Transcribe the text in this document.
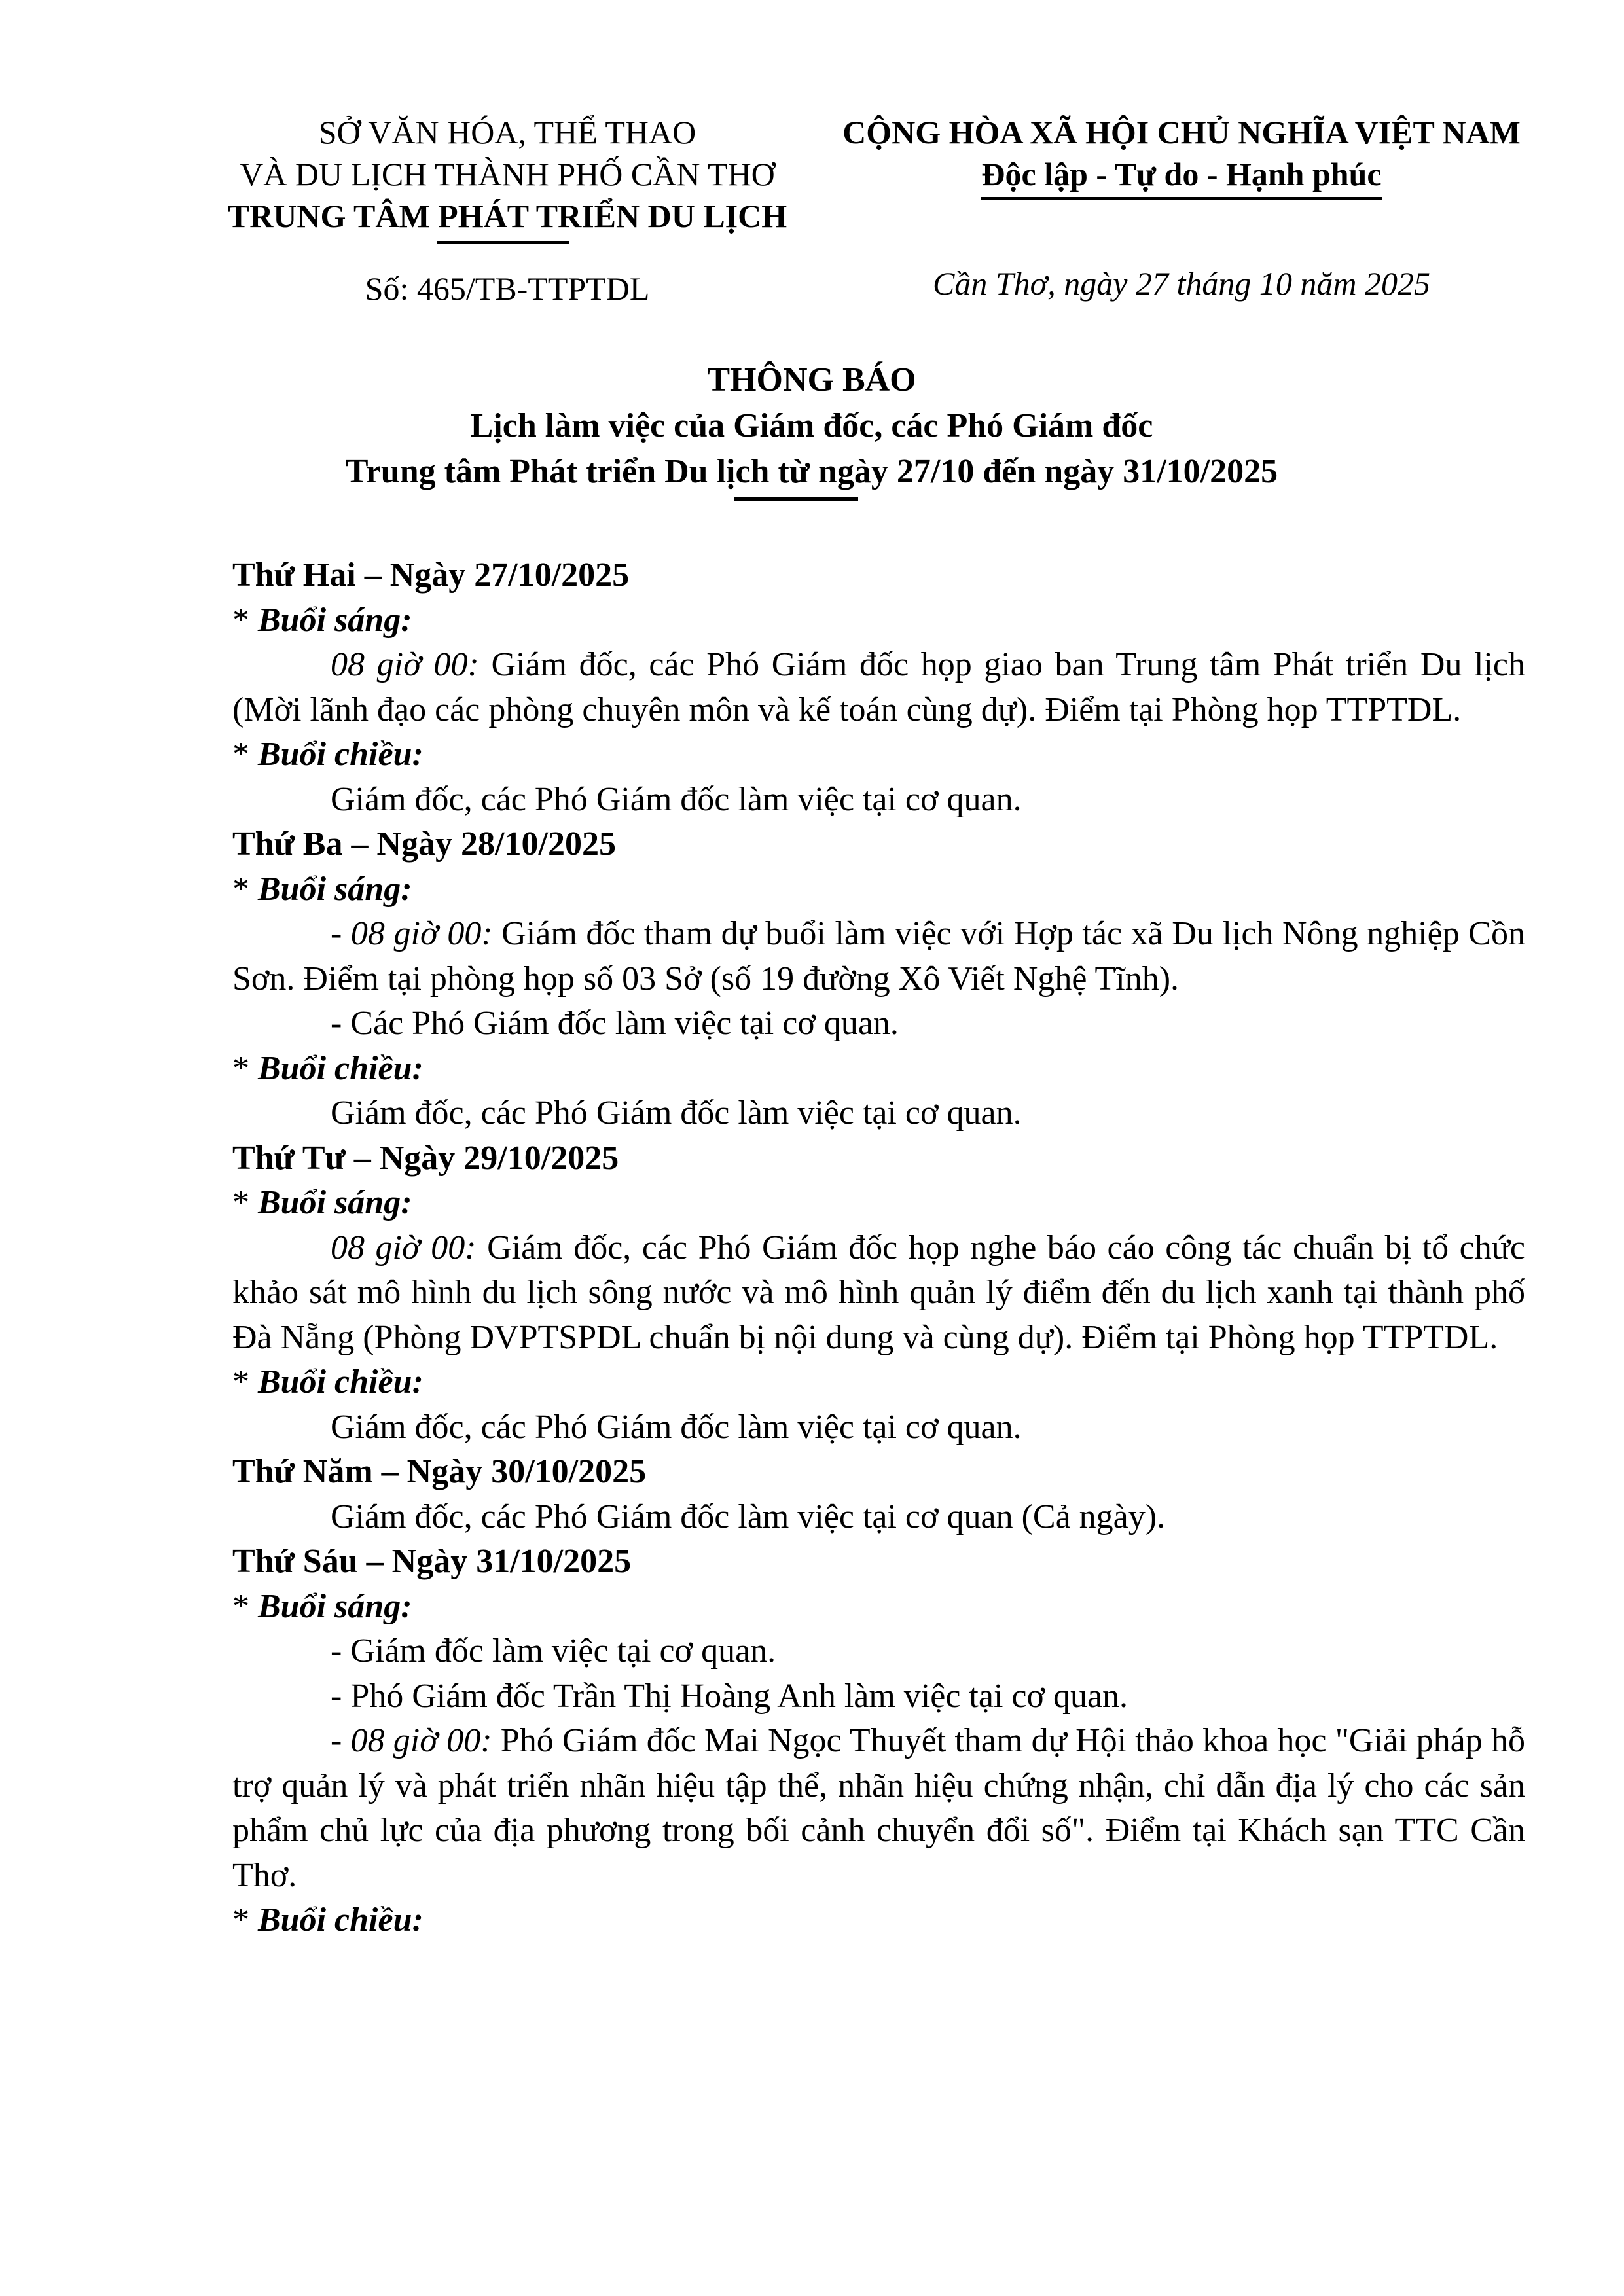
SỞ VĂN HÓA, THỂ THAO
VÀ DU LỊCH THÀNH PHỐ CẦN THƠ
TRUNG TÂM PHÁT TRIỂN DU LỊCH
CỘNG HÒA XÃ HỘI CHỦ NGHĨA VIỆT NAM
Độc lập - Tự do - Hạnh phúc
Số: 465/TB-TTPTDL	Cần Thơ, ngày 27 tháng 10 năm 2025
THÔNG BÁO
Lịch làm việc của Giám đốc, các Phó Giám đốc
Trung tâm Phát triển Du lịch từ ngày 27/10 đến ngày 31/10/2025

Thứ Hai – Ngày 27/10/2025

* Buổi sáng:

08 giờ 00: Giám đốc, các Phó Giám đốc họp giao ban Trung tâm Phát triển Du lịch (Mời lãnh đạo các phòng chuyên môn và kế toán cùng dự). Điểm tại Phòng họp TTPTDL.

* Buổi chiều:

Giám đốc, các Phó Giám đốc làm việc tại cơ quan.

Thứ Ba – Ngày 28/10/2025

* Buổi sáng:

- 08 giờ 00: Giám đốc tham dự buổi làm việc với Hợp tác xã Du lịch Nông nghiệp Cồn Sơn. Điểm tại phòng họp số 03 Sở (số 19 đường Xô Viết Nghệ Tĩnh).

- Các Phó Giám đốc làm việc tại cơ quan.

* Buổi chiều:

Giám đốc, các Phó Giám đốc làm việc tại cơ quan.

Thứ Tư – Ngày 29/10/2025

* Buổi sáng:

08 giờ 00: Giám đốc, các Phó Giám đốc họp nghe báo cáo công tác chuẩn bị tổ chức khảo sát mô hình du lịch sông nước và mô hình quản lý điểm đến du lịch xanh tại thành phố Đà Nẵng (Phòng DVPTSPDL chuẩn bị nội dung và cùng dự). Điểm tại Phòng họp TTPTDL.

* Buổi chiều:

Giám đốc, các Phó Giám đốc làm việc tại cơ quan.

Thứ Năm – Ngày 30/10/2025

Giám đốc, các Phó Giám đốc làm việc tại cơ quan (Cả ngày).

Thứ Sáu – Ngày 31/10/2025

* Buổi sáng:

- Giám đốc làm việc tại cơ quan.

- Phó Giám đốc Trần Thị Hoàng Anh làm việc tại cơ quan.

- 08 giờ 00: Phó Giám đốc Mai Ngọc Thuyết tham dự Hội thảo khoa học "Giải pháp hỗ trợ quản lý và phát triển nhãn hiệu tập thể, nhãn hiệu chứng nhận, chỉ dẫn địa lý cho các sản phẩm chủ lực của địa phương trong bối cảnh chuyển đổi số". Điểm tại Khách sạn TTC Cần Thơ.

* Buổi chiều:
